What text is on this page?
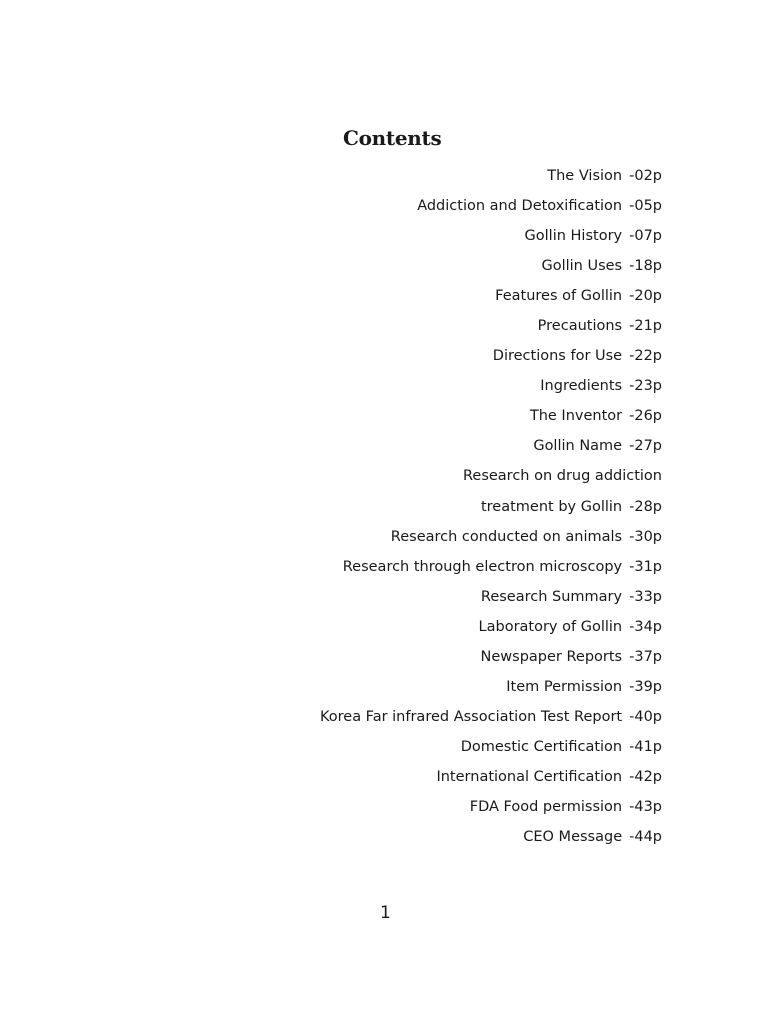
Contents
The Vision -02p
Addiction and Detoxification -05p
Gollin History -07p
Gollin Uses -18p
Features of Gollin -20p
Precautions -21p
Directions for Use -22p
Ingredients -23p
The Inventor -26p
Gollin Name -27p
Research on drug addiction
treatment by Gollin -28p
Research conducted on animals -30p
Research through electron microscopy -31p
Research Summary -33p
Laboratory of Gollin -34p
Newspaper Reports -37p
Item Permission -39p
Korea Far infrared Association Test Report -40p
Domestic Certification -41p
International Certification -42p
FDA Food permission -43p
CEO Message -44p
1
